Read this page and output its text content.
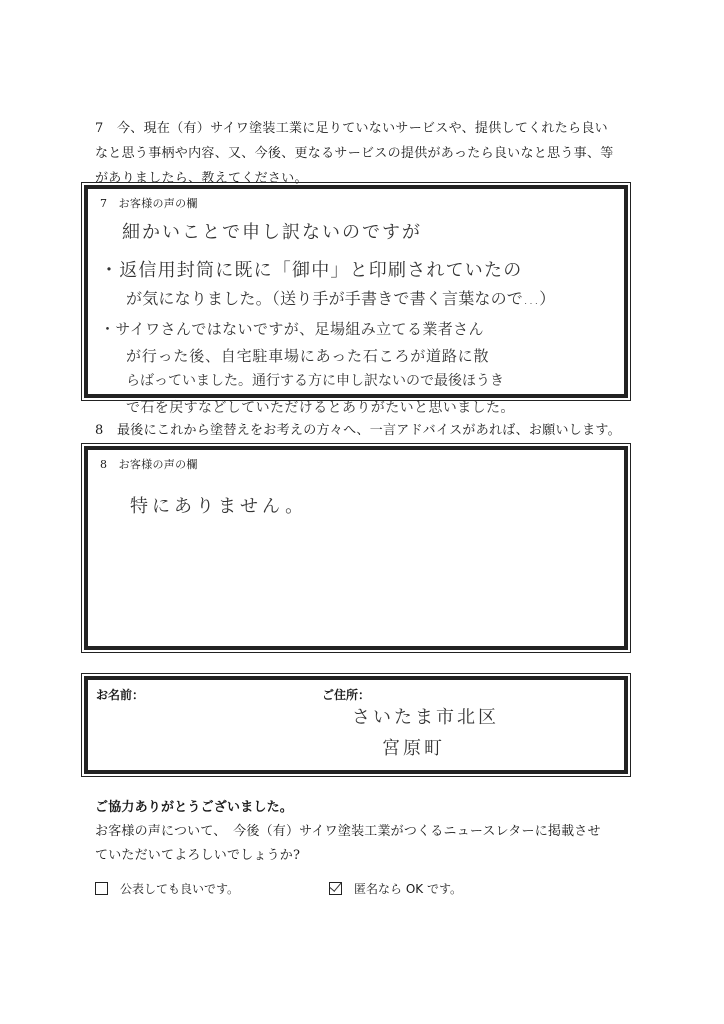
7 今、現在（有）サイワ塗装工業に足りていないサービスや、提供してくれたら良い
なと思う事柄や内容、又、今後、更なるサービスの提供があったら良いなと思う事、等
がありましたら、教えてください。
7　お客様の声の欄
細かいことで申し訳ないのですが
・返信用封筒に既に「御中」と印刷されていたの
が気になりました。（送り手が手書きで書く言葉なので…）
・サイワさんではないですが、足場組み立てる業者さん
が行った後、自宅駐車場にあった石ころが道路に散
らばっていました。通行する方に申し訳ないので最後ほうき
で石を戻すなどしていただけるとありがたいと思いました。
8 最後にこれから塗替えをお考えの方々へ、一言アドバイスがあれば、お願いします。
8　お客様の声の欄
特にありません。
お名前：	ご住所：
さいたま市北区
宮原町
ご協力ありがとうございました。
お客様の声について、　今後（有）サイワ塗装工業がつくるニュースレターに掲載させ
ていただいてよろしいでしょうか?
公表しても良いです。	匿名なら OK です。
